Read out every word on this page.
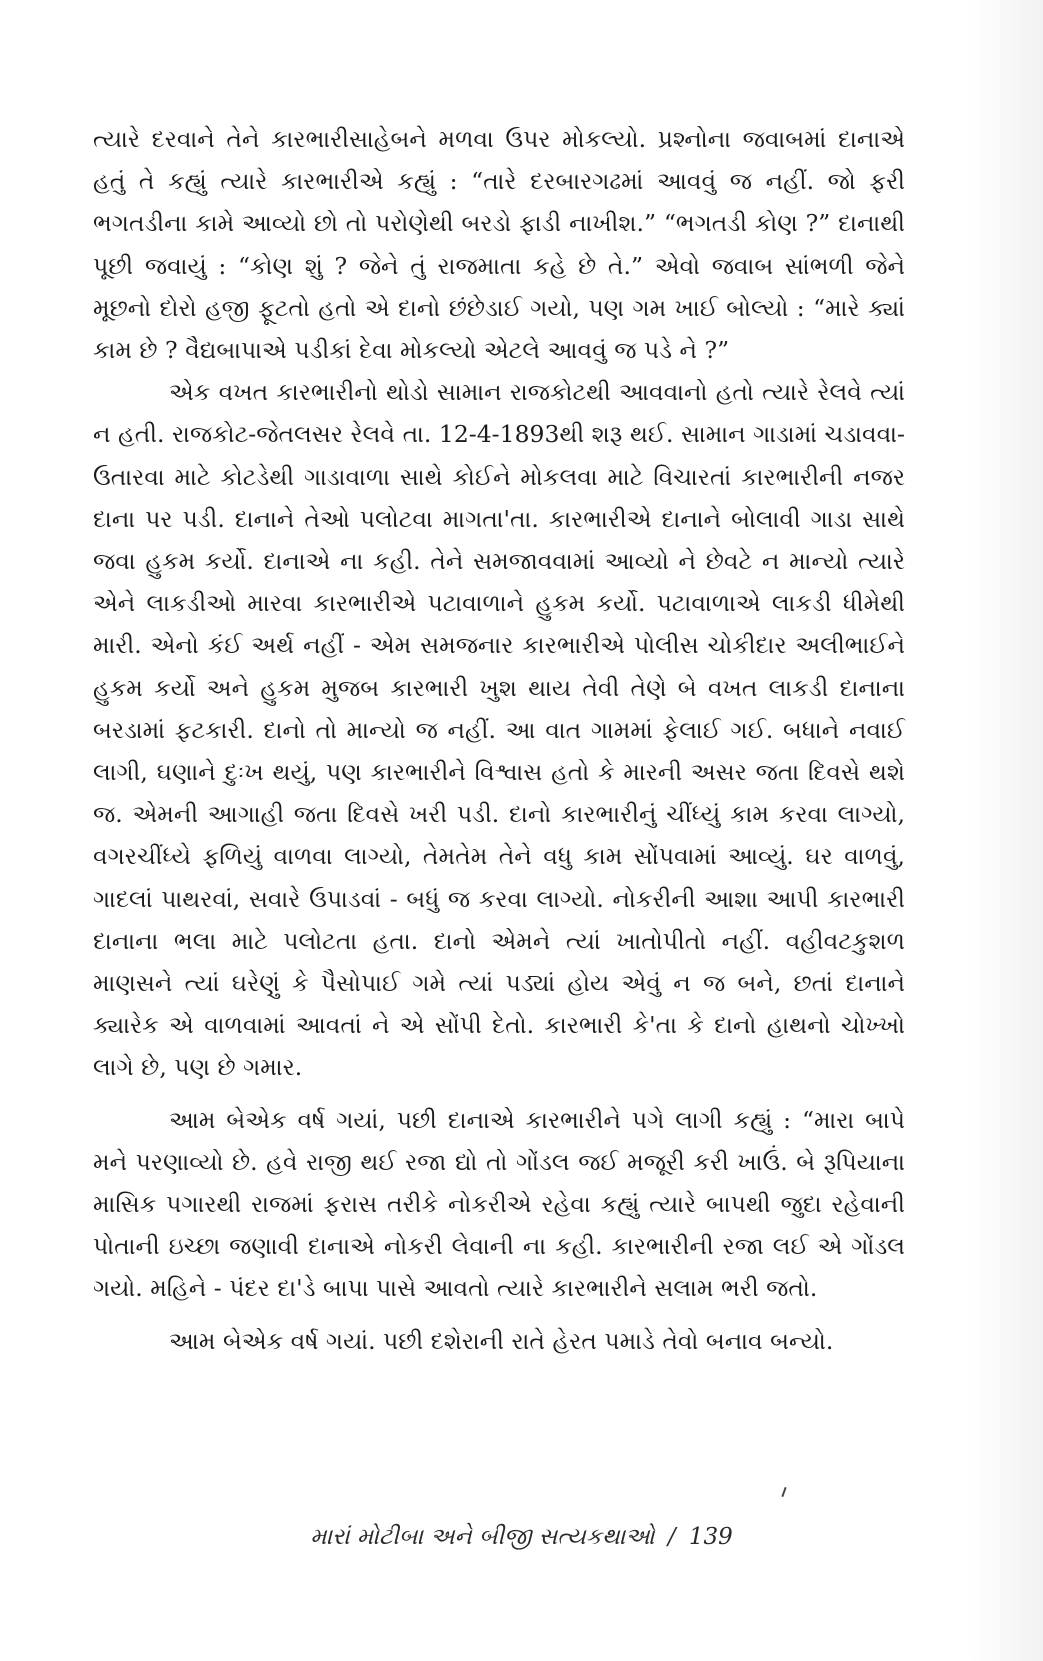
ત્યારે દરવાને તેને કારભારીસાહેબને મળવા ઉપર મોકલ્યો. પ્રશ્નોના જવાબમાં દાનાએ હતું તે કહ્યું ત્યારે કારભારીએ કહ્યું : “તારે દરબારગઢમાં આવવું જ નહીં. જો ફરી ભગતડીના કામે આવ્યો છો તો પરોણેથી બરડો ફાડી નાખીશ.” “ભગતડી કોણ ?” દાનાથી પૂછી જવાયું : “કોણ શું ? જેને તું રાજમાતા કહે છે તે.” એવો જવાબ સાંભળી જેને મૂછનો દોરો હજી ફૂટતો હતો એ દાનો છંછેડાઈ ગયો, પણ ગમ ખાઈ બોલ્યો : “મારે ક્યાં કામ છે ? વૈદ્યબાપાએ પડીકાં દેવા મોકલ્યો એટલે આવવું જ પડે ને ?”

એક વખત કારભારીનો થોડો સામાન રાજકોટથી આવવાનો હતો ત્યારે રેલવે ત્યાં ન હતી. રાજકોટ-જેતલસર રેલવે તા. 12-4-1893થી શરૂ થઈ. સામાન ગાડામાં ચડાવવા-ઉતારવા માટે કોટડેથી ગાડાવાળા સાથે કોઈને મોકલવા માટે વિચારતાં કારભારીની નજર દાના પર પડી. દાનાને તેઓ પલોટવા માગતા'તા. કારભારીએ દાનાને બોલાવી ગાડા સાથે જવા હુકમ કર્યો. દાનાએ ના કહી. તેને સમજાવવામાં આવ્યો ને છેવટે ન માન્યો ત્યારે એને લાકડીઓ મારવા કારભારીએ પટાવાળાને હુકમ કર્યો. પટાવાળાએ લાકડી ધીમેથી મારી. એનો કંઈ અર્થ નહીં - એમ સમજનાર કારભારીએ પોલીસ ચોકીદાર અલીભાઈને હુકમ કર્યો અને હુકમ મુજબ કારભારી ખુશ થાય તેવી તેણે બે વખત લાકડી દાનાના બરડામાં ફટકારી. દાનો તો માન્યો જ નહીં. આ વાત ગામમાં ફેલાઈ ગઈ. બધાને નવાઈ લાગી, ઘણાને દુઃખ થયું, પણ કારભારીને વિશ્વાસ હતો કે મારની અસર જતા દિવસે થશે જ. એમની આગાહી જતા દિવસે ખરી પડી. દાનો કારભારીનું ચીંધ્યું કામ કરવા લાગ્યો, વગરચીંધ્યે ફળિયું વાળવા લાગ્યો, તેમતેમ તેને વધુ કામ સોંપવામાં આવ્યું. ઘર વાળવું, ગાદલાં પાથરવાં, સવારે ઉપાડવાં - બધું જ કરવા લાગ્યો. નોકરીની આશા આપી કારભારી દાનાના ભલા માટે પલોટતા હતા. દાનો એમને ત્યાં ખાતોપીતો નહીં. વહીવટકુશળ માણસને ત્યાં ઘરેણું કે પૈસોપાઈ ગમે ત્યાં પડ્યાં હોય એવું ન જ બને, છતાં દાનાને ક્યારેક એ વાળવામાં આવતાં ને એ સોંપી દેતો. કારભારી કે'તા કે દાનો હાથનો ચોખ્ખો લાગે છે, પણ છે ગમાર.

આમ બેએક વર્ષ ગયાં, પછી દાનાએ કારભારીને પગે લાગી કહ્યું : “મારા બાપે મને પરણાવ્યો છે. હવે રાજી થઈ રજા દ્યો તો ગોંડલ જઈ મજૂરી કરી ખાઉં. બે રૂપિયાના માસિક પગારથી રાજમાં ફરાસ તરીકે નોકરીએ રહેવા કહ્યું ત્યારે બાપથી જુદા રહેવાની પોતાની ઇચ્છા જણાવી દાનાએ નોકરી લેવાની ના કહી. કારભારીની રજા લઈ એ ગોંડલ ગયો. મહિને - પંદર દા'ડે બાપા પાસે આવતો ત્યારે કારભારીને સલામ ભરી જતો.

આમ બેએક વર્ષ ગયાં. પછી દશેરાની રાતે હેરત પમાડે તેવો બનાવ બન્યો.

મારાં મોટીબા અને બીજી સત્યકથાઓ / 139
